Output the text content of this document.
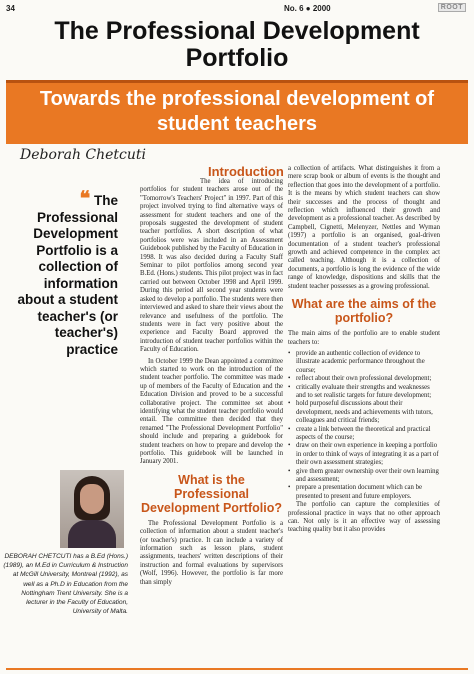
34	No. 6 ● 2000	ROOT
The Professional Development Portfolio
Towards the professional development of student teachers
Deborah Chetcuti
❝ The Professional Development Portfolio is a collection of information about a student teacher's (or teacher's) practice
DEBORAH CHETCUTI has a B.Ed (Hons.) (1989), an M.Ed in Curriculum & Instruction at McGill University, Montreal (1992), as well as a Ph.D in Education from the Nottingham Trent University. She is a lecturer in the Faculty of Education, University of Malta.
Introduction

The idea of introducing portfolios for student teachers arose out of the "Tomorrow's Teachers' Project" in 1997. Part of this project involved trying to find alternative ways of assessment for student teachers and one of the proposals suggested the development of student teacher portfolios. A short description of what portfolios were was included in an Assessment Guidebook published by the Faculty of Education in 1998. It was also decided during a Faculty Staff Seminar to pilot portfolios among second year B.Ed. (Hons.) students. This pilot project was in fact carried out between October 1998 and April 1999. During this period all second year students were asked to develop a portfolio. The students were then interviewed and asked to share their views about the relevance and usefulness of the portfolio. The students were in fact very positive about the experience and Faculty Board approved the introduction of student teacher portfolios within the Faculty of Education.

In October 1999 the Dean appointed a committee which started to work on the introduction of the student teacher portfolio. The committee was made up of members of the Faculty of Education and the Education Division and proved to be a successful collaborative project. The committee set about identifying what the student teacher portfolio would entail. The committee then decided that they renamed "The Professional Development Portfolio" should include and preparing a guidebook for student teachers on how to prepare and develop the portfolio. This guidebook will be launched in January 2001.

What is the Professional Development Portfolio?

The Professional Development Portfolio is a collection of information about a student teacher's (or teacher's) practice. It can include a variety of information such as lesson plans, student assignments, teachers' written descriptions of their instruction and formal evaluations by supervisors (Wolf, 1996). However, the portfolio is far more than simply

a collection of artifacts. What distinguishes it from a mere scrap book or album of events is the thought and reflection that goes into the development of a portfolio. It is the means by which student teachers can show their successes and the process of thought and reflection which influenced their growth and development as a professional teacher. As described by Campbell, Cignetti, Melenyzer, Nettles and Wyman (1997) a portfolio is an organised, goal-driven documentation of a student teacher's professional growth and achieved competence in the complex act called teaching. Although it is a collection of documents, a portfolio is long the evidence of the wide range of knowledge, dispositions and skills that the student teacher possesses as a growing professional.

What are the aims of the portfolio?

The main aims of the portfolio are to enable student teachers to:

• provide an authentic collection of evidence to illustrate academic performance throughout the course;
• reflect about their own professional development;
• critically evaluate their strengths and weaknesses and to set realistic targets for future development;
• hold purposeful discussions about their development, needs and achievements with tutors, colleagues and critical friends;
• create a link between the theoretical and practical aspects of the course;
• draw on their own experience in keeping a portfolio in order to think of ways of integrating it as a part of their own assessment strategies;
• give them greater ownership over their own learning and assessment;
• prepare a presentation document which can be presented to present and future employers.

The portfolio can capture the complexities of professional practice in ways that no other approach can. Not only is it an effective way of assessing teaching quality but it also provides
